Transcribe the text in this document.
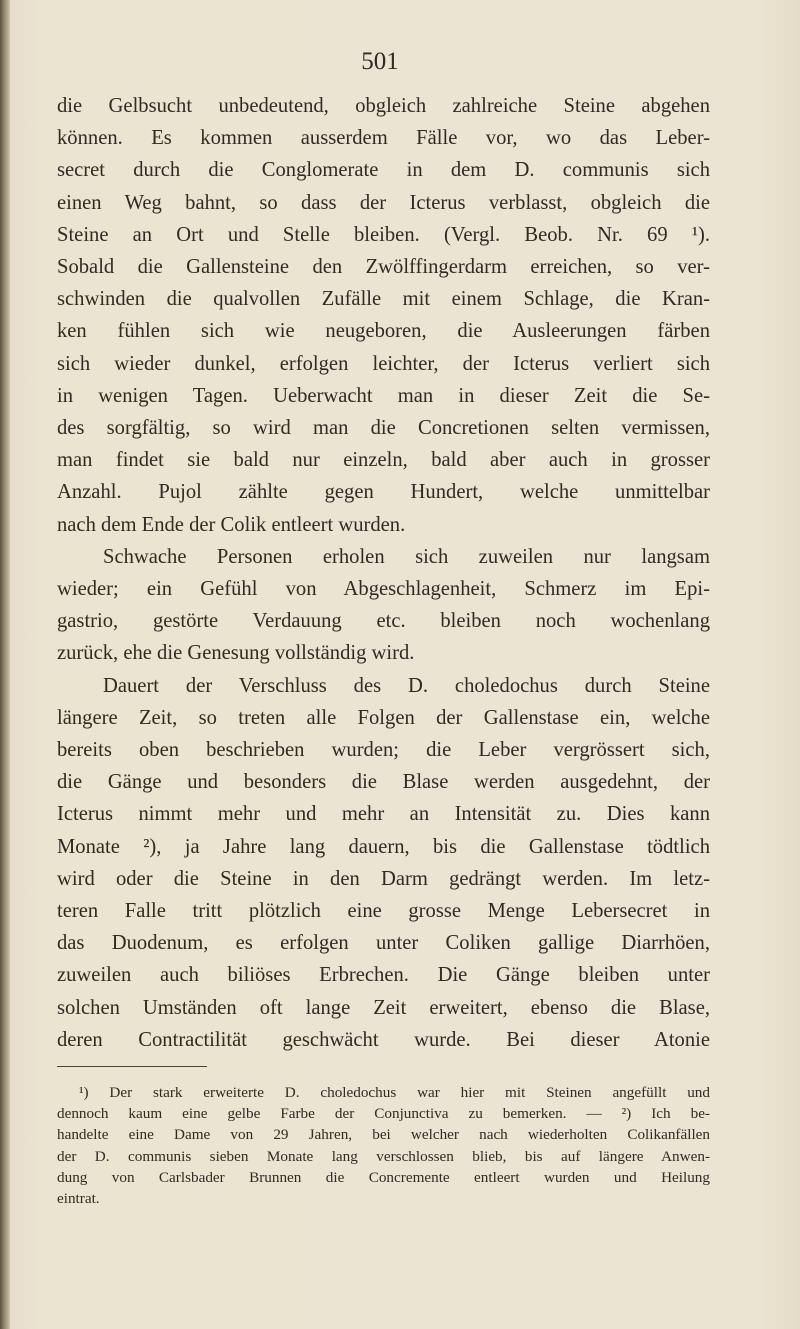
501

die Gelbsucht unbedeutend, obgleich zahlreiche Steine abgehen
können. Es kommen ausserdem Fälle vor, wo das Leber-
secret durch die Conglomerate in dem D. communis sich
einen Weg bahnt, so dass der Icterus verblasst, obgleich die
Steine an Ort und Stelle bleiben. (Vergl. Beob. Nr. 69 ¹).
Sobald die Gallensteine den Zwölffingerdarm erreichen, so ver-
schwinden die qualvollen Zufälle mit einem Schlage, die Kran-
ken fühlen sich wie neugeboren, die Ausleerungen färben
sich wieder dunkel, erfolgen leichter, der Icterus verliert sich
in wenigen Tagen. Ueberwacht man in dieser Zeit die Se-
des sorgfältig, so wird man die Concretionen selten vermissen,
man findet sie bald nur einzeln, bald aber auch in grosser
Anzahl. Pujol zählte gegen Hundert, welche unmittelbar
nach dem Ende der Colik entleert wurden.
Schwache Personen erholen sich zuweilen nur langsam
wieder; ein Gefühl von Abgeschlagenheit, Schmerz im Epi-
gastrio, gestörte Verdauung etc. bleiben noch wochenlang
zurück, ehe die Genesung vollständig wird.
Dauert der Verschluss des D. choledochus durch Steine
längere Zeit, so treten alle Folgen der Gallenstase ein, welche
bereits oben beschrieben wurden; die Leber vergrössert sich,
die Gänge und besonders die Blase werden ausgedehnt, der
Icterus nimmt mehr und mehr an Intensität zu. Dies kann
Monate ²), ja Jahre lang dauern, bis die Gallenstase tödtlich
wird oder die Steine in den Darm gedrängt werden. Im letz-
teren Falle tritt plötzlich eine grosse Menge Lebersecret in
das Duodenum, es erfolgen unter Coliken gallige Diarrhöen,
zuweilen auch biliöses Erbrechen. Die Gänge bleiben unter
solchen Umständen oft lange Zeit erweitert, ebenso die Blase,
deren Contractilität geschwächt wurde. Bei dieser Atonie
¹) Der stark erweiterte D. choledochus war hier mit Steinen angefüllt und
dennoch kaum eine gelbe Farbe der Conjunctiva zu bemerken. — ²) Ich be-
handelte eine Dame von 29 Jahren, bei welcher nach wiederholten Colikanfällen
der D. communis sieben Monate lang verschlossen blieb, bis auf längere Anwen-
dung von Carlsbader Brunnen die Concremente entleert wurden und Heilung
eintrat.
